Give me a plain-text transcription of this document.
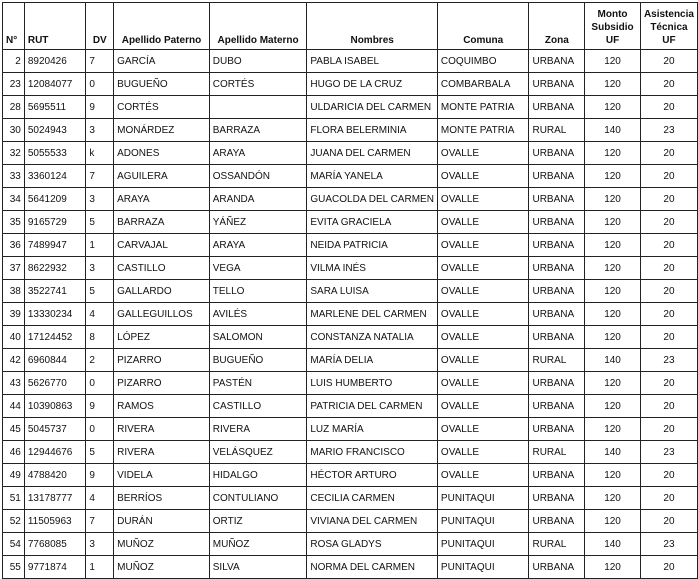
N°	RUT	DV	Apellido Paterno	Apellido Materno	Nombres	Comuna	Zona	Monto Subsidio UF	Asistencia Técnica UF
2	8920426	7	GARCÍA	DUBO	PABLA ISABEL	COQUIMBO	URBANA	120	20
23	12084077	0	BUGUEÑO	CORTÉS	HUGO DE LA CRUZ	COMBARBALA	URBANA	120	20
28	5695511	9	CORTÉS		ULDARICIA DEL CARMEN	MONTE PATRIA	URBANA	120	20
30	5024943	3	MONÁRDEZ	BARRAZA	FLORA BELERMINIA	MONTE PATRIA	RURAL	140	23
32	5055533	k	ADONES	ARAYA	JUANA DEL CARMEN	OVALLE	URBANA	120	20
33	3360124	7	AGUILERA	OSSANDÓN	MARÍA YANELA	OVALLE	URBANA	120	20
34	5641209	3	ARAYA	ARANDA	GUACOLDA DEL CARMEN	OVALLE	URBANA	120	20
35	9165729	5	BARRAZA	YÁÑEZ	EVITA GRACIELA	OVALLE	URBANA	120	20
36	7489947	1	CARVAJAL	ARAYA	NEIDA PATRICIA	OVALLE	URBANA	120	20
37	8622932	3	CASTILLO	VEGA	VILMA INÉS	OVALLE	URBANA	120	20
38	3522741	5	GALLARDO	TELLO	SARA LUISA	OVALLE	URBANA	120	20
39	13330234	4	GALLEGUILLOS	AVILÉS	MARLENE DEL CARMEN	OVALLE	URBANA	120	20
40	17124452	8	LÓPEZ	SALOMON	CONSTANZA NATALIA	OVALLE	URBANA	120	20
42	6960844	2	PIZARRO	BUGUEÑO	MARÍA DELIA	OVALLE	RURAL	140	23
43	5626770	0	PIZARRO	PASTÉN	LUIS HUMBERTO	OVALLE	URBANA	120	20
44	10390863	9	RAMOS	CASTILLO	PATRICIA DEL CARMEN	OVALLE	URBANA	120	20
45	5045737	0	RIVERA	RIVERA	LUZ MARÍA	OVALLE	URBANA	120	20
46	12944676	5	RIVERA	VELÁSQUEZ	MARIO FRANCISCO	OVALLE	RURAL	140	23
49	4788420	9	VIDELA	HIDALGO	HÉCTOR ARTURO	OVALLE	URBANA	120	20
51	13178777	4	BERRÍOS	CONTULIANO	CECILIA CARMEN	PUNITAQUI	URBANA	120	20
52	11505963	7	DURÁN	ORTIZ	VIVIANA DEL CARMEN	PUNITAQUI	URBANA	120	20
54	7768085	3	MUÑOZ	MUÑOZ	ROSA GLADYS	PUNITAQUI	RURAL	140	23
55	9771874	1	MUÑOZ	SILVA	NORMA DEL CARMEN	PUNITAQUI	URBANA	120	20
